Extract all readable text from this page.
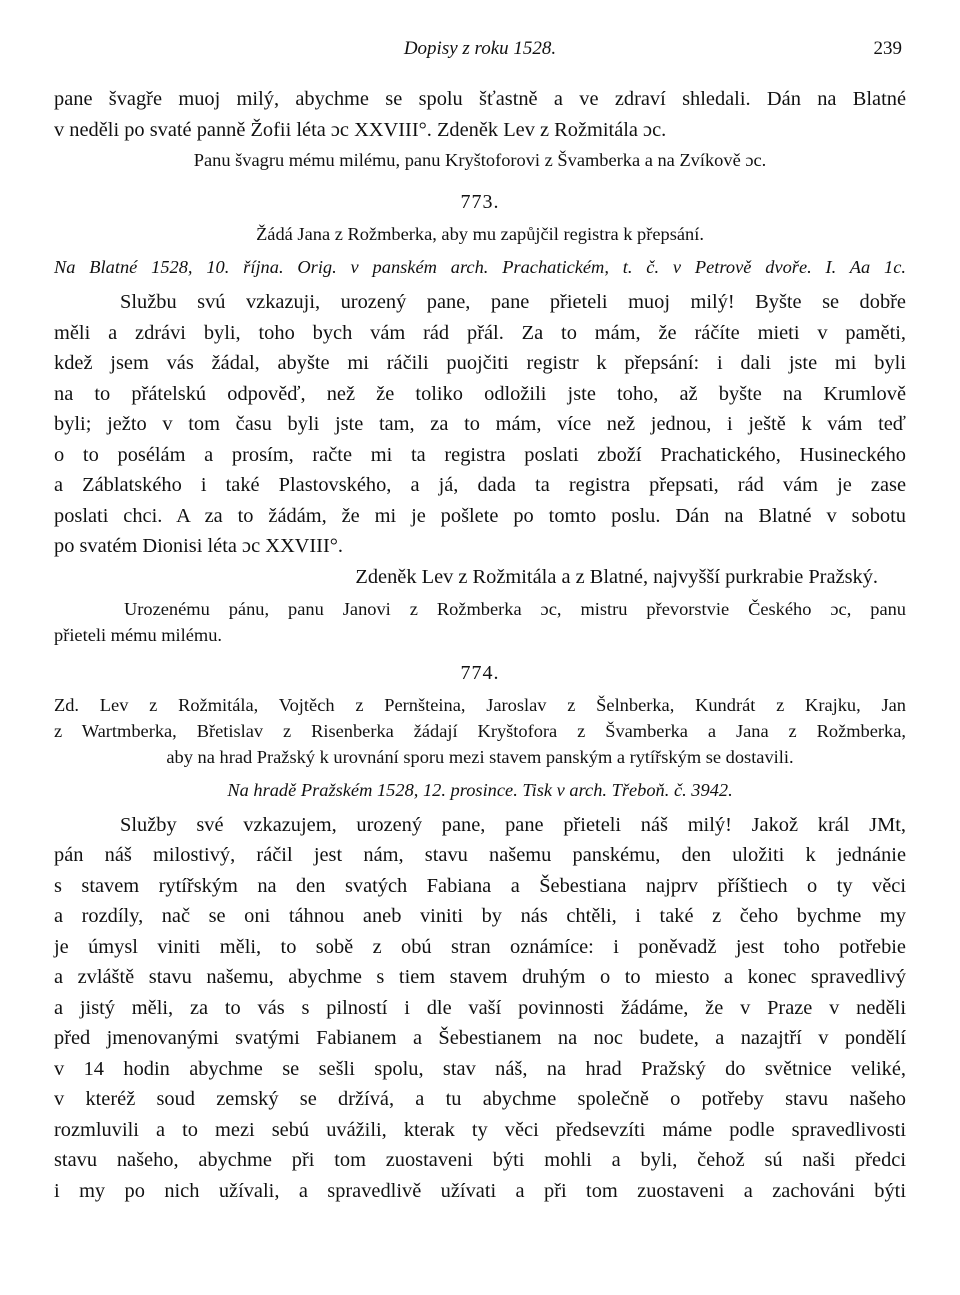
Dopisy z roku 1528.	239
pane švagře muoj milý, abychme se spolu šťastně a ve zdraví shledali. Dán na Blatné
v neděli po svaté panně Žofii léta ɔc XXVIII°. Zdeněk Lev z Rožmitála ɔc.
Panu švagru mému milému, panu Kryštoforovi z Švamberka a na Zvíkově ɔc.
773.
Žádá Jana z Rožmberka, aby mu zapůjčil registra k přepsání.
Na Blatné 1528, 10. října. Orig. v panském arch. Prachatickém, t. č. v Petrově dvoře. I. Aa 1c.
Službu svú vzkazuji, urozený pane, pane přieteli muoj milý! Byšte se dobře
měli a zdrávi byli, toho bych vám rád přál. Za to mám, že ráčíte mieti v paměti,
kdež jsem vás žádal, abyšte mi ráčili puojčiti registr k přepsání: i dali jste mi byli
na to přátelskú odpověď, než že toliko odložili jste toho, až byšte na Krumlově
byli; ježto v tom času byli jste tam, za to mám, více než jednou, i ještě k vám teď
o to posélám a prosím, račte mi ta registra poslati zboží Prachatického, Husineckého
a Záblatského i také Plastovského, a já, dada ta registra přepsati, rád vám je zase
poslati chci. A za to žádám, že mi je pošlete po tomto poslu. Dán na Blatné v sobotu
po svatém Dionisi léta ɔc XXVIII°.
Zdeněk Lev z Rožmitála a z Blatné, najvyšší purkrabie Pražský.
Urozenému pánu, panu Janovi z Rožmberka ɔc, mistru převorstvie Českého ɔc, panu
přieteli mému milému.
774.
Zd. Lev z Rožmitála, Vojtěch z Pernšteina, Jaroslav z Šelnberka, Kundrát z Krajku, Jan
z Wartmberka, Břetislav z Risenberka žádají Kryštofora z Švamberka a Jana z Rožmberka,
aby na hrad Pražský k urovnání sporu mezi stavem panským a rytířským se dostavili.
Na hradě Pražském 1528, 12. prosince. Tisk v arch. Třeboň. č. 3942.
Služby své vzkazujem, urozený pane, pane přieteli náš milý! Jakož král JMt,
pán náš milostivý, ráčil jest nám, stavu našemu panskému, den uložiti k jednánie
s stavem rytířským na den svatých Fabiana a Šebestiana najprv příštiech o ty věci
a rozdíly, nač se oni táhnou aneb viniti by nás chtěli, i také z čeho bychme my
je úmysl viniti měli, to sobě z obú stran oznámíce: i poněvadž jest toho potřebie
a zvláště stavu našemu, abychme s tiem stavem druhým o to miesto a konec spravedlivý
a jistý měli, za to vás s pilností i dle vaší povinnosti žádáme, že v Praze v neděli
před jmenovanými svatými Fabianem a Šebestianem na noc budete, a nazajtří v pondělí
v 14 hodin abychme se sešli spolu, stav náš, na hrad Pražský do světnice veliké,
v kteréž soud zemský se držívá, a tu abychme společně o potřeby stavu našeho
rozmluvili a to mezi sebú uvážili, kterak ty věci předsevzíti máme podle spravedlivosti
stavu našeho, abychme při tom zuostaveni býti mohli a byli, čehož sú naši předci
i my po nich užívali, a spravedlivě užívati a při tom zuostaveni a zachováni býti
